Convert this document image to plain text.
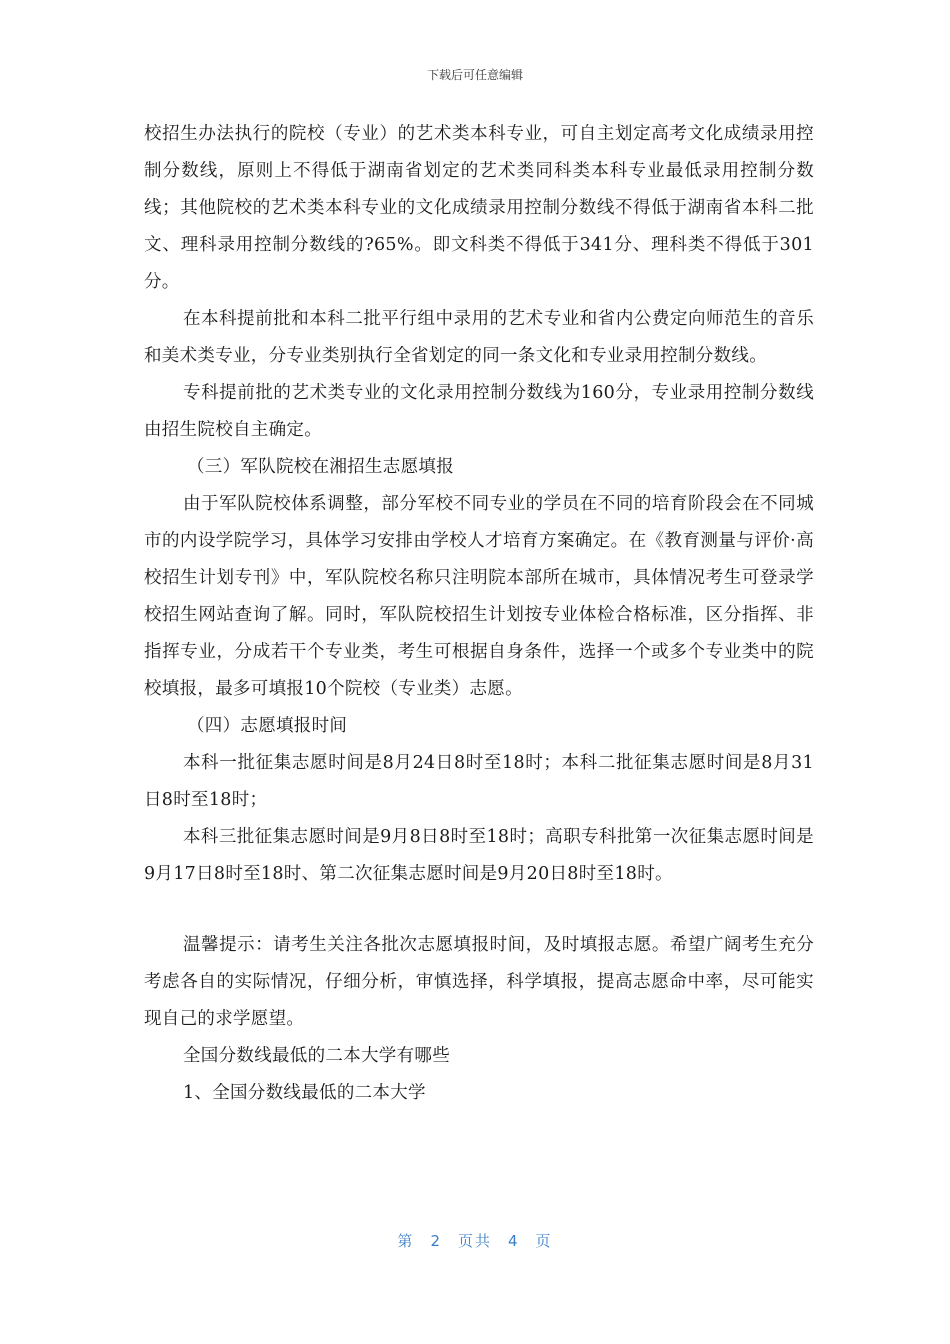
下载后可任意编辑

校招生办法执行的院校（专业）的艺术类本科专业，可自主划定高考文化成绩录用控制分数线，原则上不得低于湖南省划定的艺术类同科类本科专业最低录用控制分数线；其他院校的艺术类本科专业的文化成绩录用控制分数线不得低于湖南省本科二批文、理科录用控制分数线的?65%。即文科类不得低于341分、理科类不得低于301分。

在本科提前批和本科二批平行组中录用的艺术专业和省内公费定向师范生的音乐和美术类专业，分专业类别执行全省划定的同一条文化和专业录用控制分数线。

专科提前批的艺术类专业的文化录用控制分数线为160分，专业录用控制分数线由招生院校自主确定。

（三）军队院校在湘招生志愿填报

由于军队院校体系调整，部分军校不同专业的学员在不同的培育阶段会在不同城市的内设学院学习，具体学习安排由学校人才培育方案确定。在《教育测量与评价·高校招生计划专刊》中，军队院校名称只注明院本部所在城市，具体情况考生可登录学校招生网站查询了解。同时，军队院校招生计划按专业体检合格标准，区分指挥、非指挥专业，分成若干个专业类，考生可根据自身条件，选择一个或多个专业类中的院校填报，最多可填报10个院校（专业类）志愿。

（四）志愿填报时间

本科一批征集志愿时间是8月24日8时至18时；本科二批征集志愿时间是8月31日8时至18时；

本科三批征集志愿时间是9月8日8时至18时；高职专科批第一次征集志愿时间是9月17日8时至18时、第二次征集志愿时间是9月20日8时至18时。

温馨提示：请考生关注各批次志愿填报时间，及时填报志愿。希望广阔考生充分考虑各自的实际情况，仔细分析，审慎选择，科学填报，提高志愿命中率，尽可能实现自己的求学愿望。

全国分数线最低的二本大学有哪些

1、全国分数线最低的二本大学

第 2 页共 4 页
